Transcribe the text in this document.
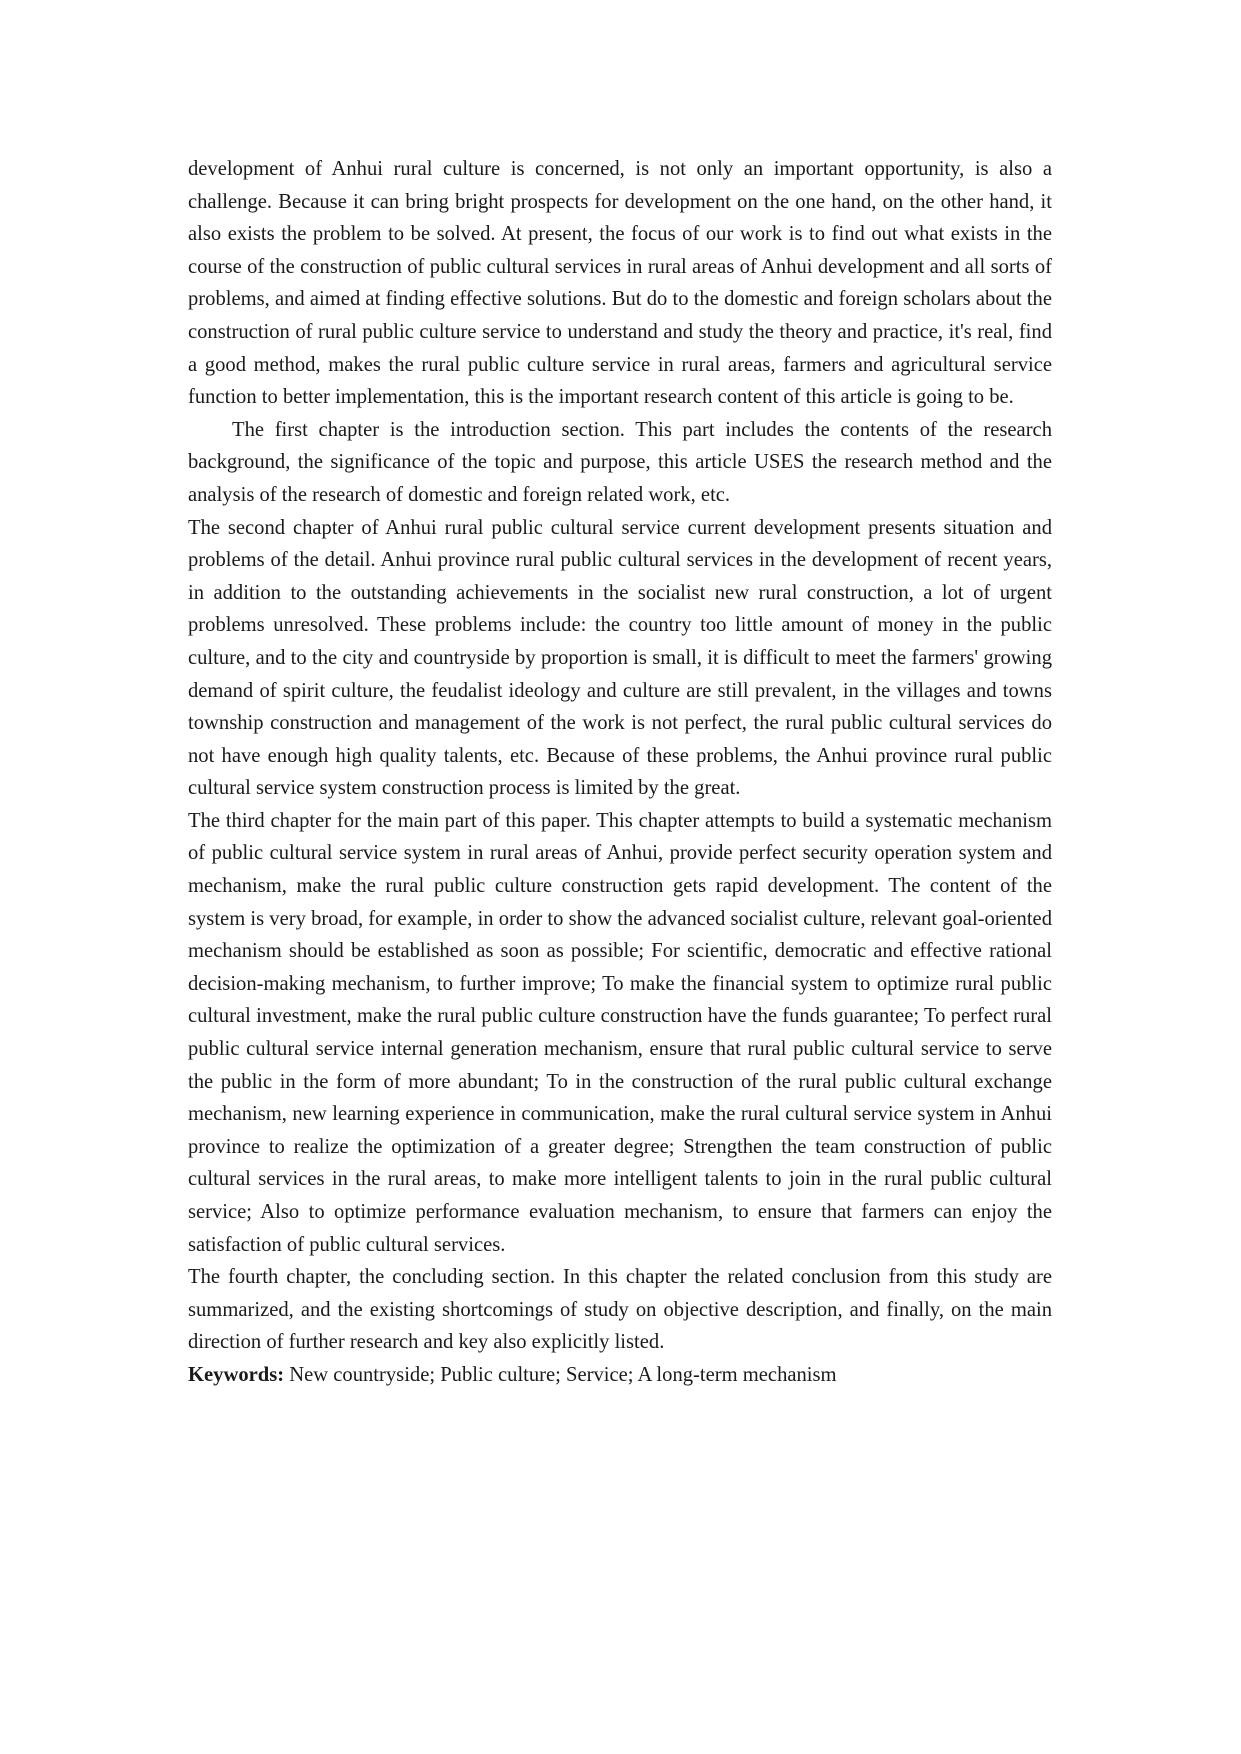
development of Anhui rural culture is concerned, is not only an important opportunity, is also a challenge. Because it can bring bright prospects for development on the one hand, on the other hand, it also exists the problem to be solved. At present, the focus of our work is to find out what exists in the course of the construction of public cultural services in rural areas of Anhui development and all sorts of problems, and aimed at finding effective solutions. But do to the domestic and foreign scholars about the construction of rural public culture service to understand and study the theory and practice, it's real, find a good method, makes the rural public culture service in rural areas, farmers and agricultural service function to better implementation, this is the important research content of this article is going to be.

The first chapter is the introduction section. This part includes the contents of the research background, the significance of the topic and purpose, this article USES the research method and the analysis of the research of domestic and foreign related work, etc.

The second chapter of Anhui rural public cultural service current development presents situation and problems of the detail. Anhui province rural public cultural services in the development of recent years, in addition to the outstanding achievements in the socialist new rural construction, a lot of urgent problems unresolved. These problems include: the country too little amount of money in the public culture, and to the city and countryside by proportion is small, it is difficult to meet the farmers' growing demand of spirit culture, the feudalist ideology and culture are still prevalent, in the villages and towns township construction and management of the work is not perfect, the rural public cultural services do not have enough high quality talents, etc. Because of these problems, the Anhui province rural public cultural service system construction process is limited by the great.

The third chapter for the main part of this paper. This chapter attempts to build a systematic mechanism of public cultural service system in rural areas of Anhui, provide perfect security operation system and mechanism, make the rural public culture construction gets rapid development. The content of the system is very broad, for example, in order to show the advanced socialist culture, relevant goal-oriented mechanism should be established as soon as possible; For scientific, democratic and effective rational decision-making mechanism, to further improve; To make the financial system to optimize rural public cultural investment, make the rural public culture construction have the funds guarantee; To perfect rural public cultural service internal generation mechanism, ensure that rural public cultural service to serve the public in the form of more abundant; To in the construction of the rural public cultural exchange mechanism, new learning experience in communication, make the rural cultural service system in Anhui province to realize the optimization of a greater degree; Strengthen the team construction of public cultural services in the rural areas, to make more intelligent talents to join in the rural public cultural service; Also to optimize performance evaluation mechanism, to ensure that farmers can enjoy the satisfaction of public cultural services.

The fourth chapter, the concluding section. In this chapter the related conclusion from this study are summarized, and the existing shortcomings of study on objective description, and finally, on the main direction of further research and key also explicitly listed.

Keywords: New countryside; Public culture; Service; A long-term mechanism
